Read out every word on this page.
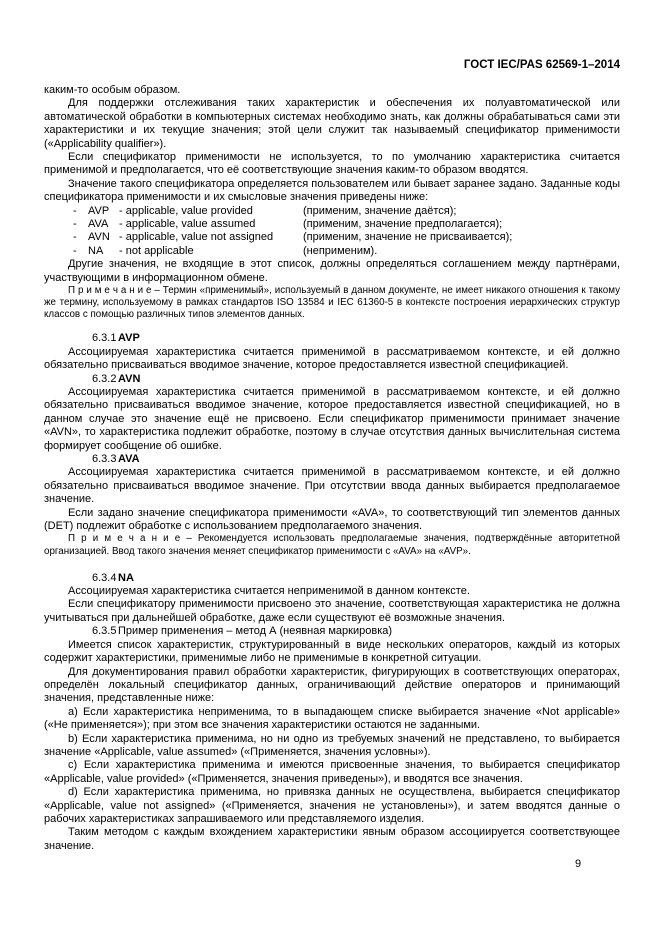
ГОСТ IEC/PAS 62569-1–2014

каким-то особым образом.

Для поддержки отслеживания таких характеристик и обеспечения их полуавтоматической или автоматической обработки в компьютерных системах необходимо знать, как должны обрабатываться сами эти характеристики и их текущие значения; этой цели служит так называемый спецификатор применимости («Applicability qualifier»).

Если спецификатор применимости не используется, то по умолчанию характеристика считается применимой и предполагается, что её соответствующие значения каким-то образом вводятся.

Значение такого спецификатора определяется пользователем или бывает заранее задано. Заданные коды спецификатора применимости и их смысловые значения приведены ниже:

-	AVP - applicable, value provided	(применим, значение даётся);
-	AVA - applicable, value assumed	(применим, значение предполагается);
-	AVN - applicable, value not assigned	(применим, значение не присваивается);
-	NA	- not applicable	(неприменим).

Другие значения, не входящие в этот список, должны определяться соглашением между партнёрами, участвующими в информационном обмене.

П р и м е ч а н и е – Термин «применимый», используемый в данном документе, не имеет никакого отношения к такому же термину, используемому в рамках стандартов ISO 13584 и IEC 61360-5 в контексте построения иерархических структур классов с помощью различных типов элементов данных.

6.3.1 AVP

Ассоциируемая характеристика считается применимой в рассматриваемом контексте, и ей должно обязательно присваиваться вводимое значение, которое предоставляется известной спецификацией.

6.3.2 AVN

Ассоциируемая характеристика считается применимой в рассматриваемом контексте, и ей должно обязательно присваиваться вводимое значение, которое предоставляется известной спецификацией, но в данном случае это значение ещё не присвоено. Если спецификатор применимости принимает значение «AVN», то характеристика подлежит обработке, поэтому в случае отсутствия данных вычислительная система формирует сообщение об ошибке.

6.3.3 AVA

Ассоциируемая характеристика считается применимой в рассматриваемом контексте, и ей должно обязательно присваиваться вводимое значение. При отсутствии ввода данных выбирается предполагаемое значение.

Если задано значение спецификатора применимости «AVA», то соответствующий тип элементов данных (DET) подлежит обработке с использованием предполагаемого значения.

П р и м е ч а н и е – Рекомендуется использовать предполагаемые значения, подтверждённые авторитетной организацией. Ввод такого значения меняет спецификатор применимости с «AVA» на «AVP».

6.3.4 NA

Ассоциируемая характеристика считается неприменимой в данном контексте.

Если спецификатору применимости присвоено это значение, соответствующая характеристика не должна учитываться при дальнейшей обработке, даже если существуют её возможные значения.

6.3.5 Пример применения – метод А (неявная маркировка)

Имеется список характеристик, структурированный в виде нескольких операторов, каждый из которых содержит характеристики, применимые либо не применимые в конкретной ситуации.

Для документирования правил обработки характеристик, фигурирующих в соответствующих операторах, определён локальный спецификатор данных, ограничивающий действие операторов и принимающий значения, представленные ниже:

a) Если характеристика неприменима, то в выпадающем списке выбирается значение «Not applicable» («Не применяется»); при этом все значения характеристики остаются не заданными.

b) Если характеристика применима, но ни одно из требуемых значений не представлено, то выбирается значение «Applicable, value assumed» («Применяется, значения условны»).

c) Если характеристика применима и имеются присвоенные значения, то выбирается спецификатор «Applicable, value provided» («Применяется, значения приведены»), и вводятся все значения.

d) Если характеристика применима, но привязка данных не осуществлена, выбирается спецификатор «Applicable, value not assigned» («Применяется, значения не установлены»), и затем вводятся данные о рабочих характеристиках запрашиваемого или представляемого изделия.

Таким методом с каждым вхождением характеристики явным образом ассоциируется соответствующее значение.

9
